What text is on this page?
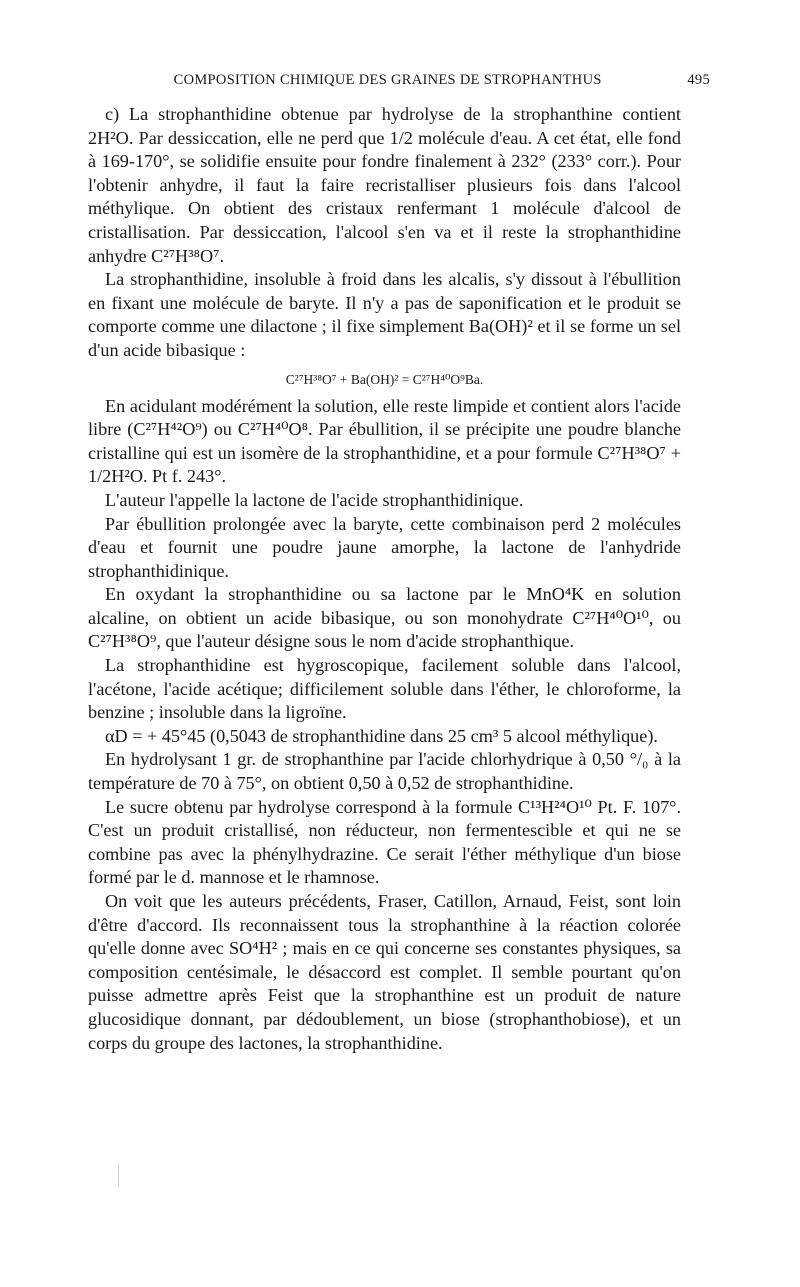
COMPOSITION CHIMIQUE DES GRAINES DE STROPHANTHUS	495

c) La strophanthidine obtenue par hydrolyse de la strophanthine contient 2H²O. Par dessiccation, elle ne perd que 1/2 molécule d'eau. A cet état, elle fond à 169-170°, se solidifie ensuite pour fondre finalement à 232° (233° corr.). Pour l'obtenir anhydre, il faut la faire recristalliser plusieurs fois dans l'alcool méthylique. On obtient des cristaux renfermant 1 molécule d'alcool de cristallisation. Par dessiccation, l'alcool s'en va et il reste la strophanthidine anhydre C²⁷H³⁸O⁷.

La strophanthidine, insoluble à froid dans les alcalis, s'y dissout à l'ébullition en fixant une molécule de baryte. Il n'y a pas de saponification et le produit se comporte comme une dilactone ; il fixe simplement Ba(OH)² et il se forme un sel d'un acide bibasique :

C²⁷H³⁸O⁷ + Ba(OH)² = C²⁷H⁴⁰O⁹Ba.

En acidulant modérément la solution, elle reste limpide et contient alors l'acide libre (C²⁷H⁴²O⁹) ou C²⁷H⁴⁰O⁸. Par ébullition, il se précipite une poudre blanche cristalline qui est un isomère de la strophanthidine, et a pour formule C²⁷H³⁸O⁷ + 1/2H²O. Pt f. 243°.

L'auteur l'appelle la lactone de l'acide strophanthidinique.

Par ébullition prolongée avec la baryte, cette combinaison perd 2 molécules d'eau et fournit une poudre jaune amorphe, la lactone de l'anhydride strophanthidinique.

En oxydant la strophanthidine ou sa lactone par le MnO⁴K en solution alcaline, on obtient un acide bibasique, ou son monohydrate C²⁷H⁴⁰O¹⁰, ou C²⁷H³⁸O⁹, que l'auteur désigne sous le nom d'acide strophanthique.

La strophanthidine est hygroscopique, facilement soluble dans l'alcool, l'acétone, l'acide acétique; difficilement soluble dans l'éther, le chloroforme, la benzine ; insoluble dans la ligroïne.

αD = + 45°45 (0,5043 de strophanthidine dans 25 cm³ 5 alcool méthylique).

En hydrolysant 1 gr. de strophanthine par l'acide chlorhydrique à 0,50 °/₀ à la température de 70 à 75°, on obtient 0,50 à 0,52 de strophanthidine.

Le sucre obtenu par hydrolyse correspond à la formule C¹³H²⁴O¹⁰ Pt. F. 107°. C'est un produit cristallisé, non réducteur, non fermentescible et qui ne se combine pas avec la phénylhydrazine. Ce serait l'éther méthylique d'un biose formé par le d. mannose et le rhamnose.

On voit que les auteurs précédents, Fraser, Catillon, Arnaud, Feist, sont loin d'être d'accord. Ils reconnaissent tous la strophanthine à la réaction colorée qu'elle donne avec SO⁴H² ; mais en ce qui concerne ses constantes physiques, sa composition centésimale, le désaccord est complet. Il semble pourtant qu'on puisse admettre après Feist que la strophanthine est un produit de nature glucosidique donnant, par dédoublement, un biose (strophanthobiose), et un corps du groupe des lactones, la strophanthidine.
